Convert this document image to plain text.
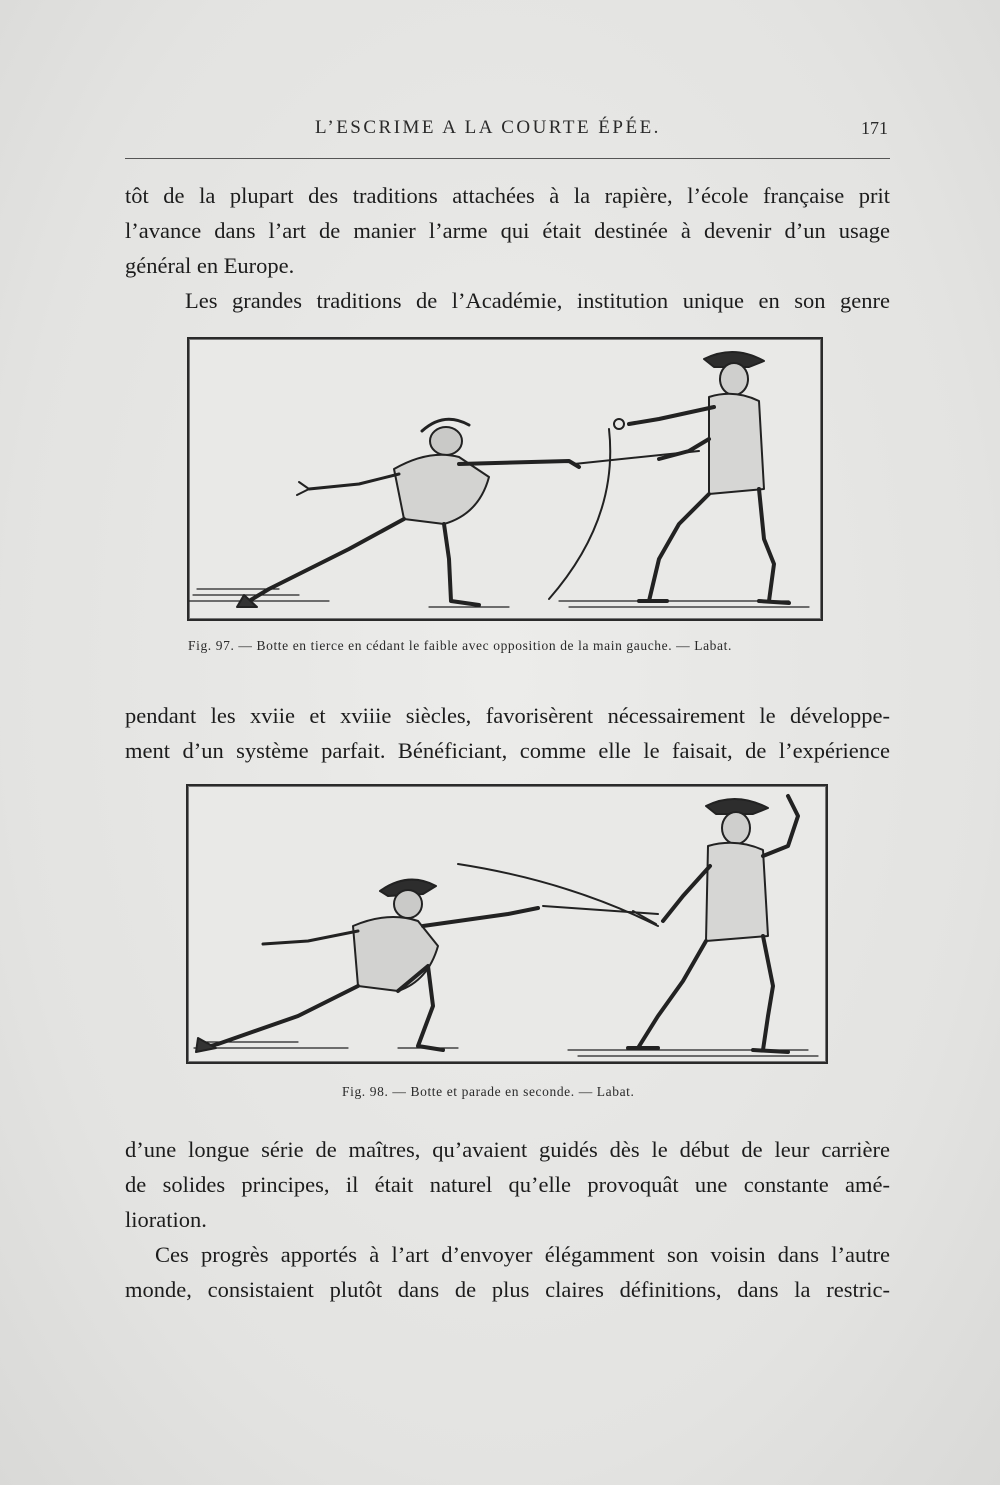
L’ESCRIME A LA COURTE ÉPÉE.	171
tôt de la plupart des traditions attachées à la rapière, l’école française prit
l’avance dans l’art de manier l’arme qui était destinée à devenir d’un usage
général en Europe.
Les grandes traditions de l’Académie, institution unique en son genre
Fig. 97. — Botte en tierce en cédant le faible avec opposition de la main gauche. — Labat.
pendant les xviie et xviiie siècles, favorisèrent nécessairement le développe-
ment d’un système parfait. Bénéficiant, comme elle le faisait, de l’expérience
Fig. 98. — Botte et parade en seconde. — Labat.
d’une longue série de maîtres, qu’avaient guidés dès le début de leur carrière
de solides principes, il était naturel qu’elle provoquât une constante amé-
lioration.
Ces progrès apportés à l’art d’envoyer élégamment son voisin dans l’autre
monde, consistaient plutôt dans de plus claires définitions, dans la restric-
